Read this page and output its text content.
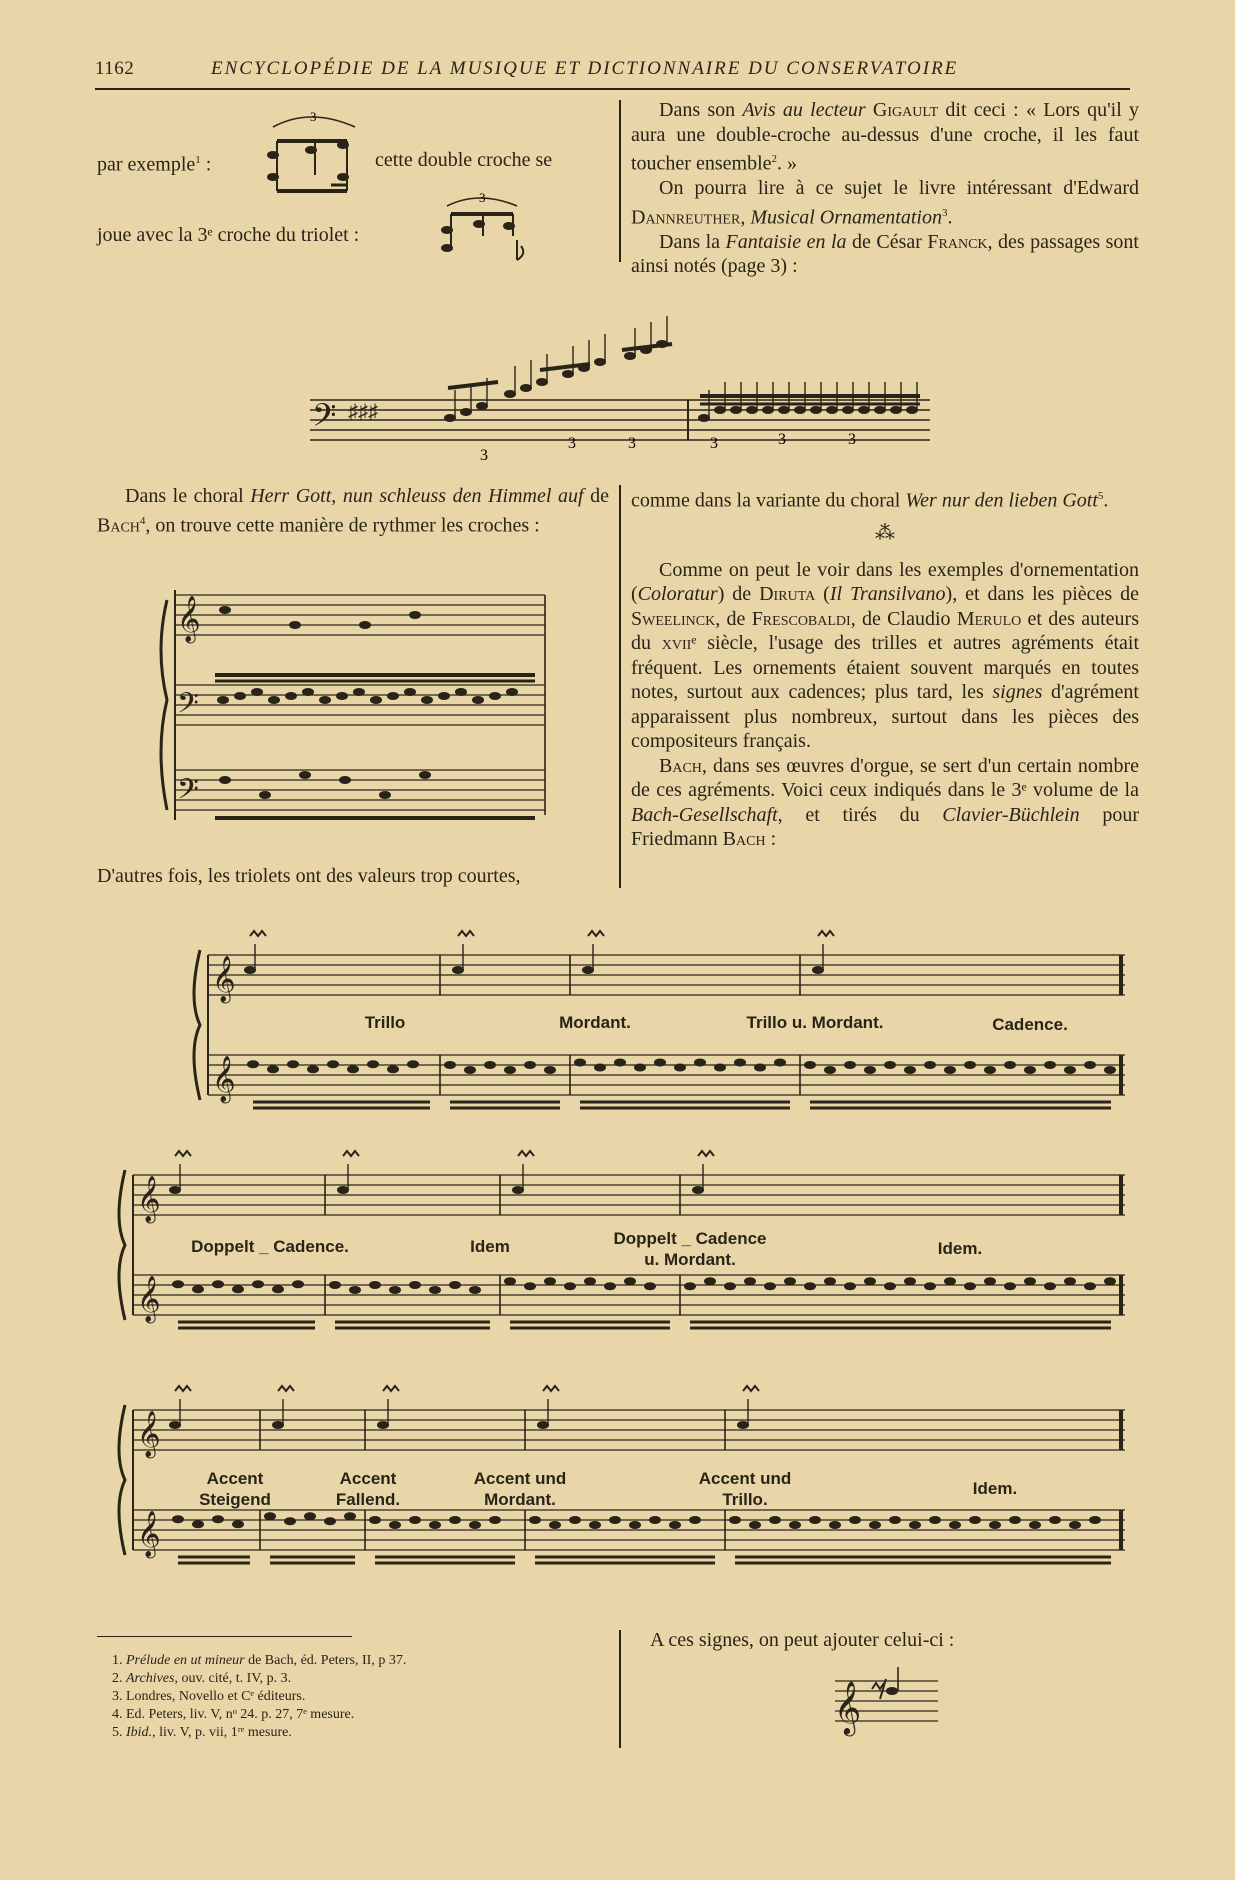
1162	ENCYCLOPÉDIE DE LA MUSIQUE ET DICTIONNAIRE DU CONSERVATOIRE
par exemple$^1$ :	cette double croche se
3
joue avec la 3ᵉ croche du triolet :
3

Dans son Avis au lecteur Gigault dit ceci : « Lors qu'il y aura une double-croche au-dessus d'une croche, il les faut toucher ensemble$^2$. »

On pourra lire à ce sujet le livre intéressant d'Edward Dannreuther, Musical Ornamentation$^3$.

Dans la Fantaisie en la de César Franck, des passages sont ainsi notés (page 3) :

𝄢 ♯♯♯
3
3	3	3	3	3

Dans le choral Herr Gott, nun schleuss den Himmel auf de Bach$^4$, on trouve cette manière de rythmer les croches :

𝄞
𝄢
𝄢
D'autres fois, les triolets ont des valeurs trop courtes,

comme dans la variante du choral Wer nur den lieben Gott$^5$.

⁂

Comme on peut le voir dans les exemples d'ornementation (Coloratur) de Diruta (Il Transilvano), et dans les pièces de Sweelinck, de Frescobaldi, de Claudio Merulo et des auteurs du xviiᵉ siècle, l'usage des trilles et autres agréments était fréquent. Les ornements étaient souvent marqués en toutes notes, surtout aux cadences; plus tard, les signes d'agrément apparaissent plus nombreux, surtout dans les pièces des compositeurs français.

Bach, dans ses œuvres d'orgue, se sert d'un certain nombre de ces agréments. Voici ceux indiqués dans le 3ᵉ volume de la Bach-Gesellschaft, et tirés du Clavier-Büchlein pour Friedmann Bach :

𝄞
𝄞
Trillo	Mordant.	Trillo u. Mordant.	Cadence.
𝄞
𝄞
Doppelt _ Cadence.	Idem	Doppelt _ Cadence
u. Mordant.
Idem.
𝄞
𝄞
Accent
Steigend
Accent
Fallend.
Accent und
Mordant.
Accent und
Trillo.
Idem.
1. Prélude en ut mineur de Bach, éd. Peters, II, p 37.
2. Archives, ouv. cité, t. IV, p. 3.
3. Londres, Novello et Cᵉ éditeurs.
4. Ed. Peters, liv. V, nᵒ 24. p. 27, 7ᵉ mesure.
5. Ibid., liv. V, p. vii, 1ʳᵉ mesure.
A ces signes, on peut ajouter celui-ci :
𝄞
